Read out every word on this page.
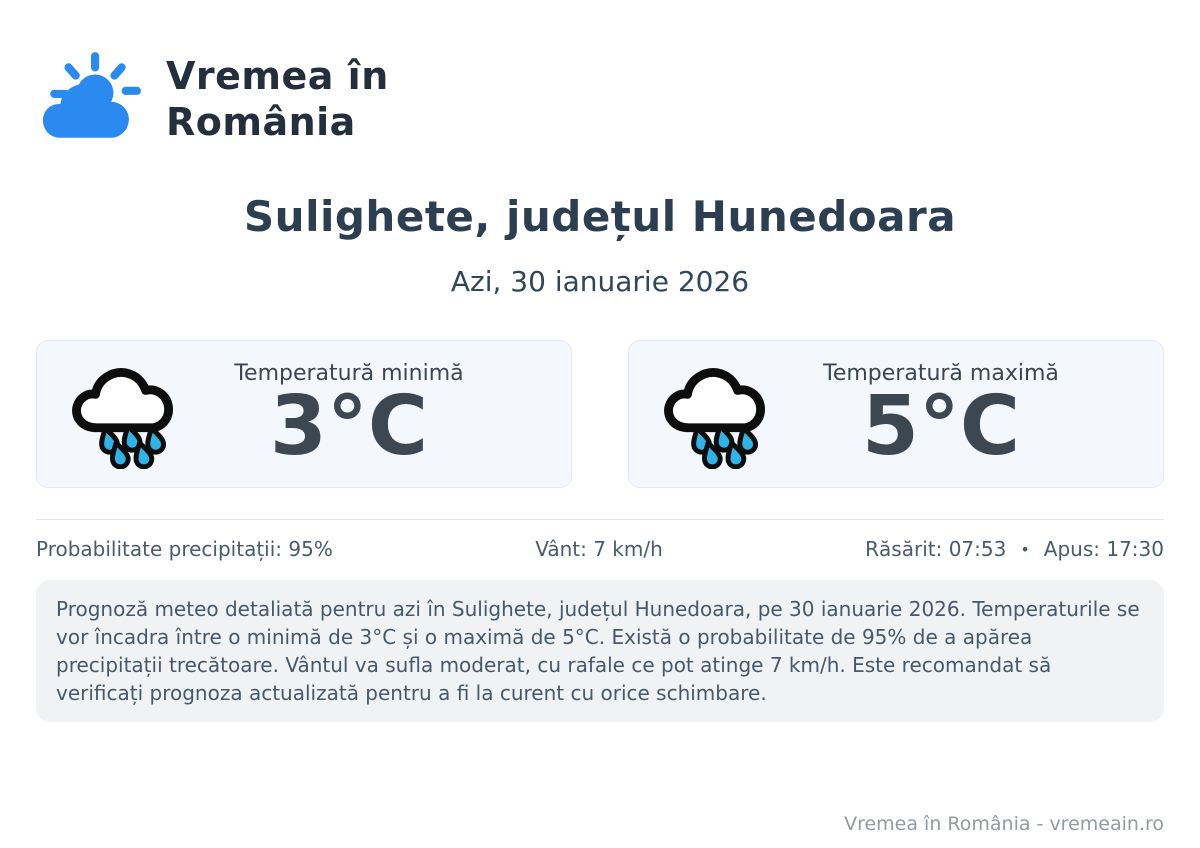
Vremea în
România
Sulighete, județul Hunedoara
Azi, 30 ianuarie 2026
Temperatură minimă
3°C
Temperatură maximă
5°C
Probabilitate precipitații: 95%	Vânt: 7 km/h	Răsărit: 07:53 • Apus: 17:30
Prognoză meteo detaliată pentru azi în Sulighete, județul Hunedoara, pe 30 ianuarie 2026. Temperaturile se vor încadra între o minimă de 3°C și o maximă de 5°C. Există o probabilitate de 95% de a apărea precipitații trecătoare. Vântul va sufla moderat, cu rafale ce pot atinge 7 km/h. Este recomandat să verificați prognoza actualizată pentru a fi la curent cu orice schimbare.
Vremea în România - vremeain.ro
